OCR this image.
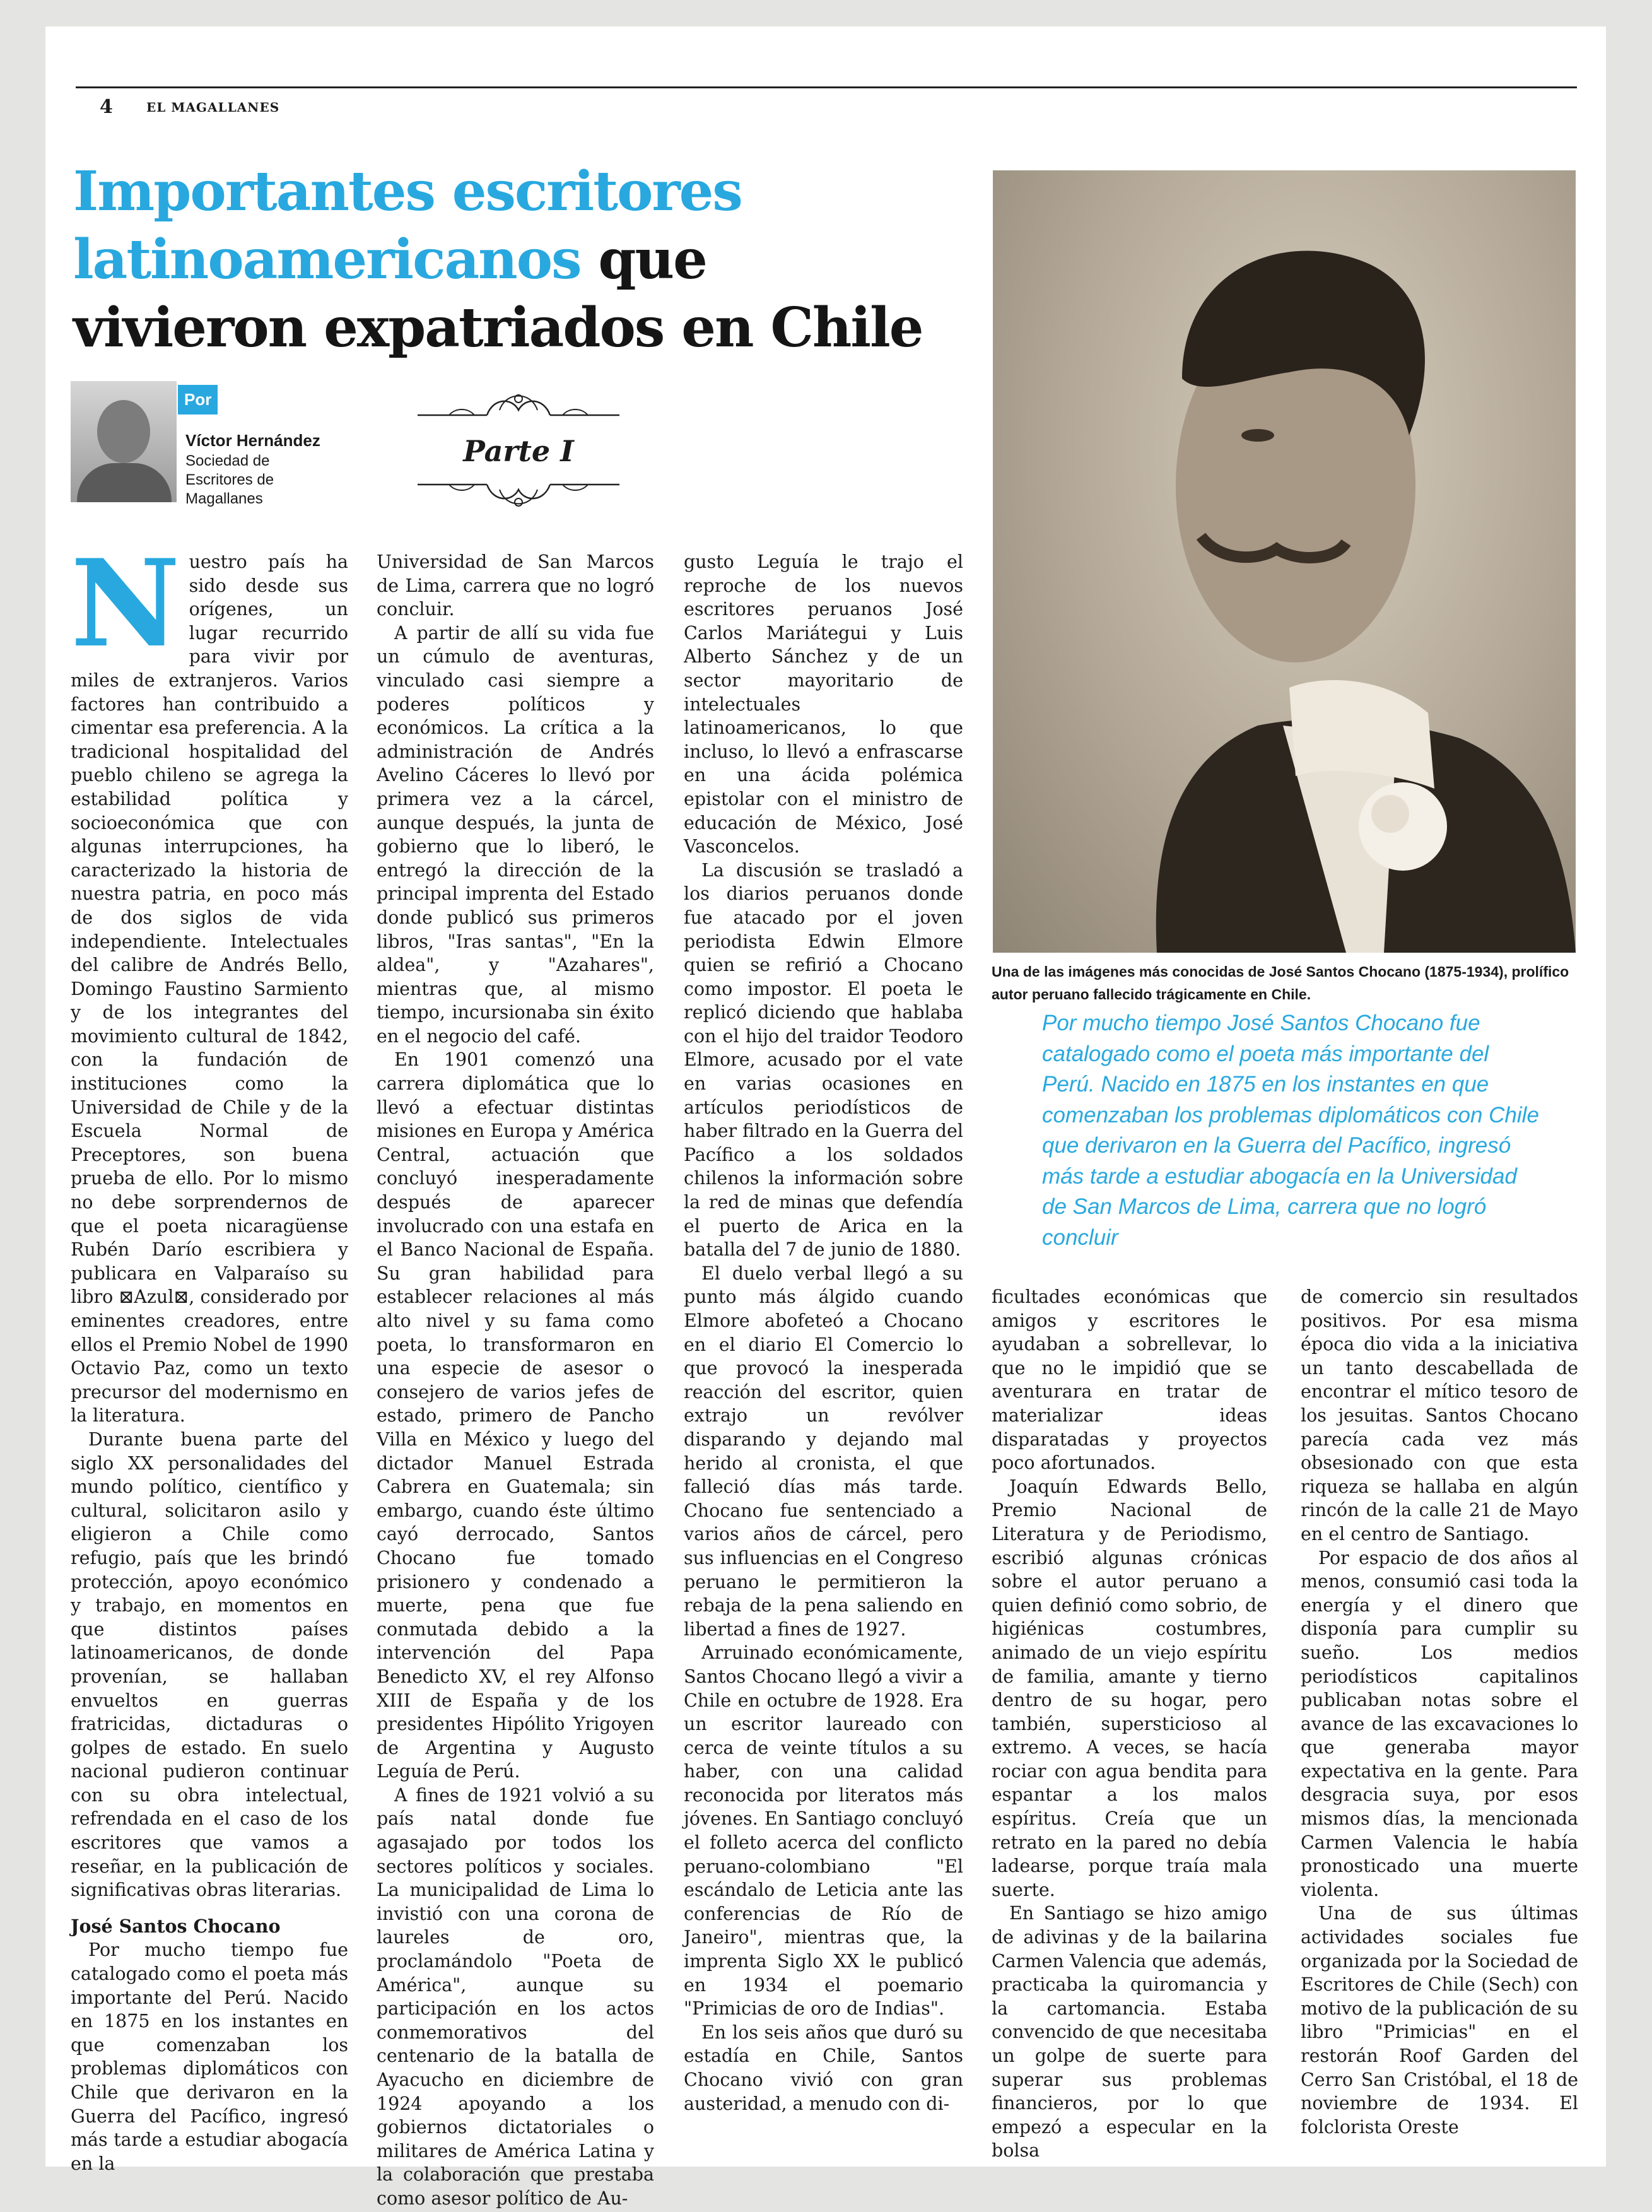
4	EL MAGALLANES
Importantes escritores
latinoamericanos que
vivieron expatriados en Chile
Por
Víctor Hernández
Sociedad de Escritores de Magallanes
Parte I
N uestro país ha sido desde sus orígenes, un lugar recurrido para vivir por miles de extranjeros. Varios factores han contribuido a cimentar esa preferencia. A la tradicional hospitalidad del pueblo chileno se agrega la estabilidad política y socioeconómica que con algunas interrupciones, ha caracterizado la historia de nuestra patria, en poco más de dos siglos de vida independiente. Intelectuales del calibre de Andrés Bello, Domingo Faustino Sarmiento y de los integrantes del movimiento cultural de 1842, con la fundación de instituciones como la Universidad de Chile y de la Escuela Normal de Preceptores, son buena prueba de ello. Por lo mismo no debe sorprendernos de que el poeta nicaragüense Rubén Darío escribiera y publicara en Valparaíso su libro ⊠Azul⊠, considerado por eminentes creadores, entre ellos el Premio Nobel de 1990 Octavio Paz, como un texto precursor del modernismo en la literatura.

Durante buena parte del siglo XX personalidades del mundo político, científico y cultural, solicitaron asilo y eligieron a Chile como refugio, país que les brindó protección, apoyo económico y trabajo, en momentos en que distintos países latinoamericanos, de donde provenían, se hallaban envueltos en guerras fratricidas, dictaduras o golpes de estado. En suelo nacional pudieron continuar con su obra intelectual, refrendada en el caso de los escritores que vamos a reseñar, en la publicación de significativas obras literarias.

José Santos Chocano

Por mucho tiempo fue catalogado como el poeta más importante del Perú. Nacido en 1875 en los instantes en que comenzaban los problemas diplomáticos con Chile que derivaron en la Guerra del Pacífico, ingresó más tarde a estudiar abogacía en la

Universidad de San Marcos de Lima, carrera que no logró concluir.

A partir de allí su vida fue un cúmulo de aventuras, vinculado casi siempre a poderes políticos y económicos. La crítica a la administración de Andrés Avelino Cáceres lo llevó por primera vez a la cárcel, aunque después, la junta de gobierno que lo liberó, le entregó la dirección de la principal imprenta del Estado donde publicó sus primeros libros, "Iras santas", "En la aldea", y "Azahares", mientras que, al mismo tiempo, incursionaba sin éxito en el negocio del café.

En 1901 comenzó una carrera diplomática que lo llevó a efectuar distintas misiones en Europa y América Central, actuación que concluyó inesperadamente después de aparecer involucrado con una estafa en el Banco Nacional de España. Su gran habilidad para establecer relaciones al más alto nivel y su fama como poeta, lo transformaron en una especie de asesor o consejero de varios jefes de estado, primero de Pancho Villa en México y luego del dictador Manuel Estrada Cabrera en Guatemala; sin embargo, cuando éste último cayó derrocado, Santos Chocano fue tomado prisionero y condenado a muerte, pena que fue conmutada debido a la intervención del Papa Benedicto XV, el rey Alfonso XIII de España y de los presidentes Hipólito Yrigoyen de Argentina y Augusto Leguía de Perú.

A fines de 1921 volvió a su país natal donde fue agasajado por todos los sectores políticos y sociales. La municipalidad de Lima lo invistió con una corona de laureles de oro, proclamándolo "Poeta de América", aunque su participación en los actos conmemorativos del centenario de la batalla de Ayacucho en diciembre de 1924 apoyando a los gobiernos dictatoriales o militares de América Latina y la colaboración que prestaba como asesor político de Au-

gusto Leguía le trajo el reproche de los nuevos escritores peruanos José Carlos Mariátegui y Luis Alberto Sánchez y de un sector mayoritario de intelectuales latinoamericanos, lo que incluso, lo llevó a enfrascarse en una ácida polémica epistolar con el ministro de educación de México, José Vasconcelos.

La discusión se trasladó a los diarios peruanos donde fue atacado por el joven periodista Edwin Elmore quien se refirió a Chocano como impostor. El poeta le replicó diciendo que hablaba con el hijo del traidor Teodoro Elmore, acusado por el vate en varias ocasiones en artículos periodísticos de haber filtrado en la Guerra del Pacífico a los soldados chilenos la información sobre la red de minas que defendía el puerto de Arica en la batalla del 7 de junio de 1880.

El duelo verbal llegó a su punto más álgido cuando Elmore abofeteó a Chocano en el diario El Comercio lo que provocó la inesperada reacción del escritor, quien extrajo un revólver disparando y dejando mal herido al cronista, el que falleció días más tarde. Chocano fue sentenciado a varios años de cárcel, pero sus influencias en el Congreso peruano le permitieron la rebaja de la pena saliendo en libertad a fines de 1927.

Arruinado económicamente, Santos Chocano llegó a vivir a Chile en octubre de 1928. Era un escritor laureado con cerca de veinte títulos a su haber, con una calidad reconocida por literatos más jóvenes. En Santiago concluyó el folleto acerca del conflicto peruano-colombiano "El escándalo de Leticia ante las conferencias de Río de Janeiro", mientras que, la imprenta Siglo XX le publicó en 1934 el poemario "Primicias de oro de Indias".

En los seis años que duró su estadía en Chile, Santos Chocano vivió con gran austeridad, a menudo con di-

Una de las imágenes más conocidas de José Santos Chocano (1875-1934), prolífico autor peruano fallecido trágicamente en Chile.

Por mucho tiempo José Santos Chocano fue catalogado como el poeta más importante del Perú. Nacido en 1875 en los instantes en que comenzaban los problemas diplomáticos con Chile que derivaron en la Guerra del Pacífico, ingresó más tarde a estudiar abogacía en la Universidad de San Marcos de Lima, carrera que no logró concluir

ficultades económicas que amigos y escritores le ayudaban a sobrellevar, lo que no le impidió que se aventurara en tratar de materializar ideas disparatadas y proyectos poco afortunados.

Joaquín Edwards Bello, Premio Nacional de Literatura y de Periodismo, escribió algunas crónicas sobre el autor peruano a quien definió como sobrio, de higiénicas costumbres, animado de un viejo espíritu de familia, amante y tierno dentro de su hogar, pero también, supersticioso al extremo. A veces, se hacía rociar con agua bendita para espantar a los malos espíritus. Creía que un retrato en la pared no debía ladearse, porque traía mala suerte.

En Santiago se hizo amigo de adivinas y de la bailarina Carmen Valencia que además, practicaba la quiromancia y la cartomancia. Estaba convencido de que necesitaba un golpe de suerte para superar sus problemas financieros, por lo que empezó a especular en la bolsa

de comercio sin resultados positivos. Por esa misma época dio vida a la iniciativa un tanto descabellada de encontrar el mítico tesoro de los jesuitas. Santos Chocano parecía cada vez más obsesionado con que esta riqueza se hallaba en algún rincón de la calle 21 de Mayo en el centro de Santiago.

Por espacio de dos años al menos, consumió casi toda la energía y el dinero que disponía para cumplir su sueño. Los medios periodísticos capitalinos publicaban notas sobre el avance de las excavaciones lo que generaba mayor expectativa en la gente. Para desgracia suya, por esos mismos días, la mencionada Carmen Valencia le había pronosticado una muerte violenta.

Una de sus últimas actividades sociales fue organizada por la Sociedad de Escritores de Chile (Sech) con motivo de la publicación de su libro "Primicias" en el restorán Roof Garden del Cerro San Cristóbal, el 18 de noviembre de 1934. El folclorista Oreste
